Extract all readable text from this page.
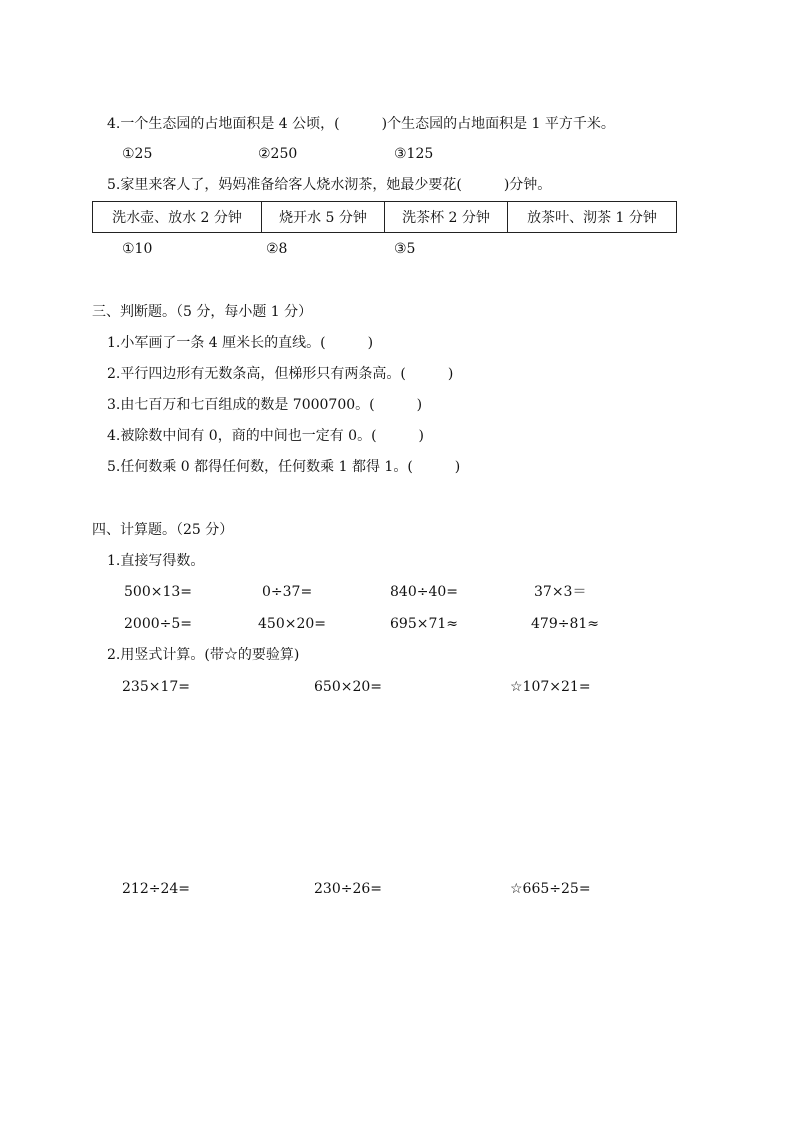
4.一个生态园的占地面积是 4 公顷，(　　　)个生态园的占地面积是 1 平方千米。
①25	②250	③125
5.家里来客人了，妈妈准备给客人烧水沏茶，她最少要花(　　　)分钟。
洗水壶、放水 2 分钟	烧开水 5 分钟	洗茶杯 2 分钟	放茶叶、沏茶 1 分钟
①10	②8	③5
三、判断题。（5 分，每小题 1 分）
1.小军画了一条 4 厘米长的直线。(　　　)
2.平行四边形有无数条高，但梯形只有两条高。(　　　)
3.由七百万和七百组成的数是 7000700。(　　　)
4.被除数中间有 0，商的中间也一定有 0。(　　　)
5.任何数乘 0 都得任何数，任何数乘 1 都得 1。(　　　)
四、计算题。（25 分）
1.直接写得数。
500×13=	0÷37=	840÷40=	37×3＝
2000÷5=	450×20=	695×71≈	479÷81≈
2.用竖式计算。(带☆的要验算)
235×17=	650×20=	☆107×21=
212÷24=	230÷26=	☆665÷25=
